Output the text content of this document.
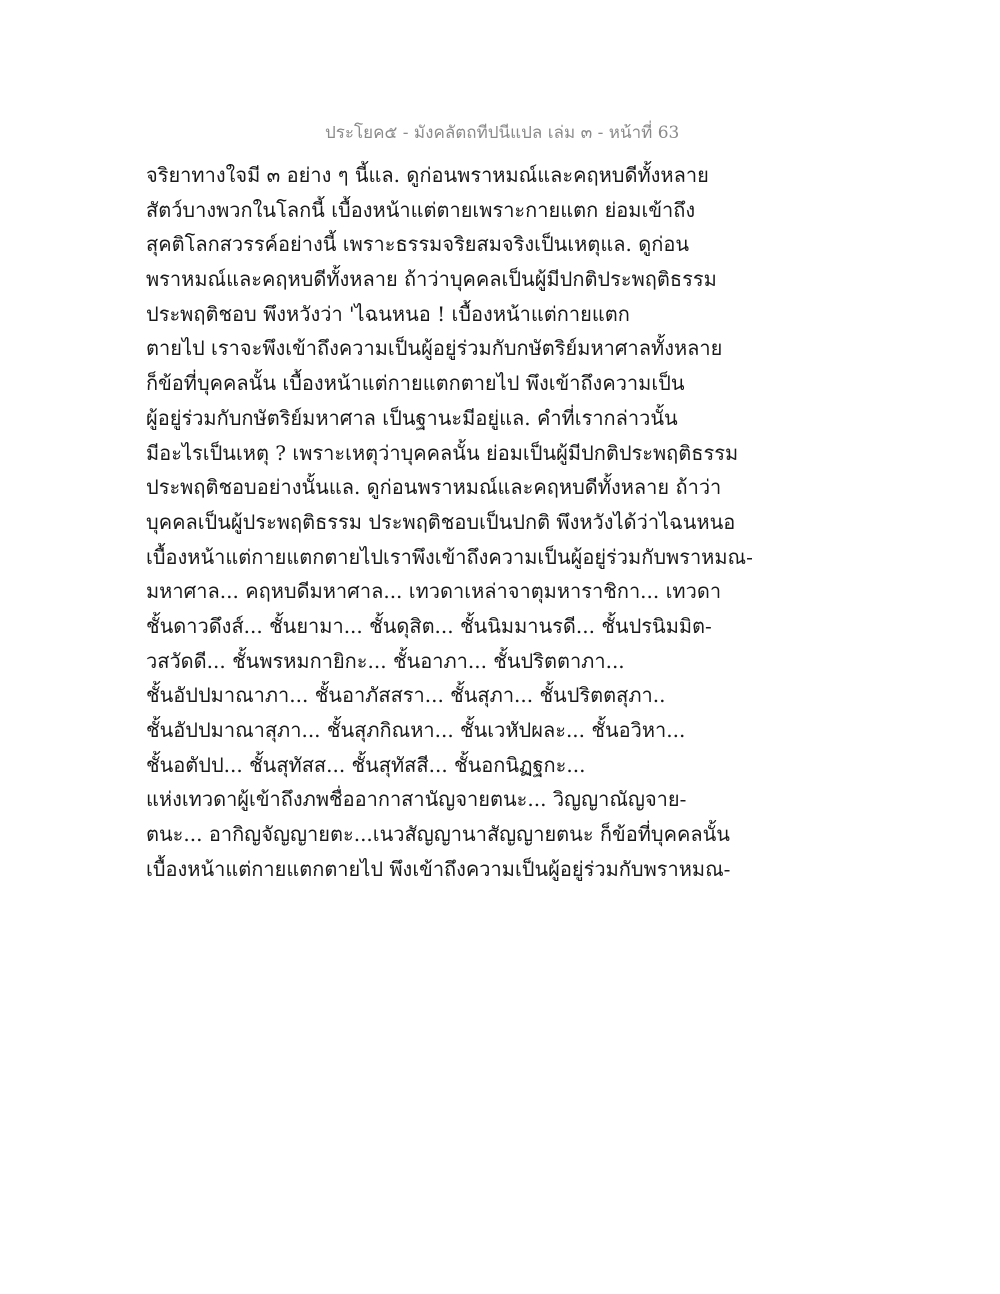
ประโยค๕ - มังคลัตถทีปนีแปล เล่ม ๓ - หน้าที่ 63
จริยาทางใจมี ๓ อย่าง ๆ นี้แล. ดูก่อนพราหมณ์และคฤหบดีทั้งหลาย
สัตว์บางพวกในโลกนี้ เบื้องหน้าแต่ตายเพราะกายแตก ย่อมเข้าถึง
สุคติโลกสวรรค์อย่างนี้ เพราะธรรมจริยสมจริงเป็นเหตุแล. ดูก่อน
พราหมณ์และคฤหบดีทั้งหลาย ถ้าว่าบุคคลเป็นผู้มีปกติประพฤติธรรม
ประพฤติชอบ พึงหวังว่า 'ไฉนหนอ ! เบื้องหน้าแต่กายแตก
ตายไป เราจะพึงเข้าถึงความเป็นผู้อยู่ร่วมกับกษัตริย์มหาศาลทั้งหลาย
ก็ข้อที่บุคคลนั้น เบื้องหน้าแต่กายแตกตายไป พึงเข้าถึงความเป็น
ผู้อยู่ร่วมกับกษัตริย์มหาศาล เป็นฐานะมีอยู่แล. คำที่เรากล่าวนั้น
มีอะไรเป็นเหตุ ? เพราะเหตุว่าบุคคลนั้น ย่อมเป็นผู้มีปกติประพฤติธรรม
ประพฤติชอบอย่างนั้นแล. ดูก่อนพราหมณ์และคฤหบดีทั้งหลาย ถ้าว่า
บุคคลเป็นผู้ประพฤติธรรม ประพฤติชอบเป็นปกติ พึงหวังได้ว่าไฉนหนอ
เบื้องหน้าแต่กายแตกตายไปเราพึงเข้าถึงความเป็นผู้อยู่ร่วมกับพราหมณ-
มหาศาล... คฤหบดีมหาศาล... เทวดาเหล่าจาตุมหาราชิกา... เทวดา
ชั้นดาวดึงส์... ชั้นยามา... ชั้นดุสิต... ชั้นนิมมานรดี... ชั้นปรนิมมิต-
วสวัดดี... ชั้นพรหมกายิกะ... ชั้นอาภา... ชั้นปริตตาภา...
ชั้นอัปปมาณาภา... ชั้นอาภัสสรา... ชั้นสุภา... ชั้นปริตตสุภา..
ชั้นอัปปมาณาสุภา... ชั้นสุภกิณหา... ชั้นเวหัปผละ... ชั้นอวิหา...
ชั้นอตัปป... ชั้นสุทัสส... ชั้นสุทัสสี... ชั้นอกนิฏฐกะ...
แห่งเทวดาผู้เข้าถึงภพชื่ออากาสานัญจายตนะ... วิญญาณัญจาย-
ตนะ... อากิญจัญญายตะ...เนวสัญญานาสัญญายตนะ ก็ข้อที่บุคคลนั้น
เบื้องหน้าแต่กายแตกตายไป พึงเข้าถึงความเป็นผู้อยู่ร่วมกับพราหมณ-
